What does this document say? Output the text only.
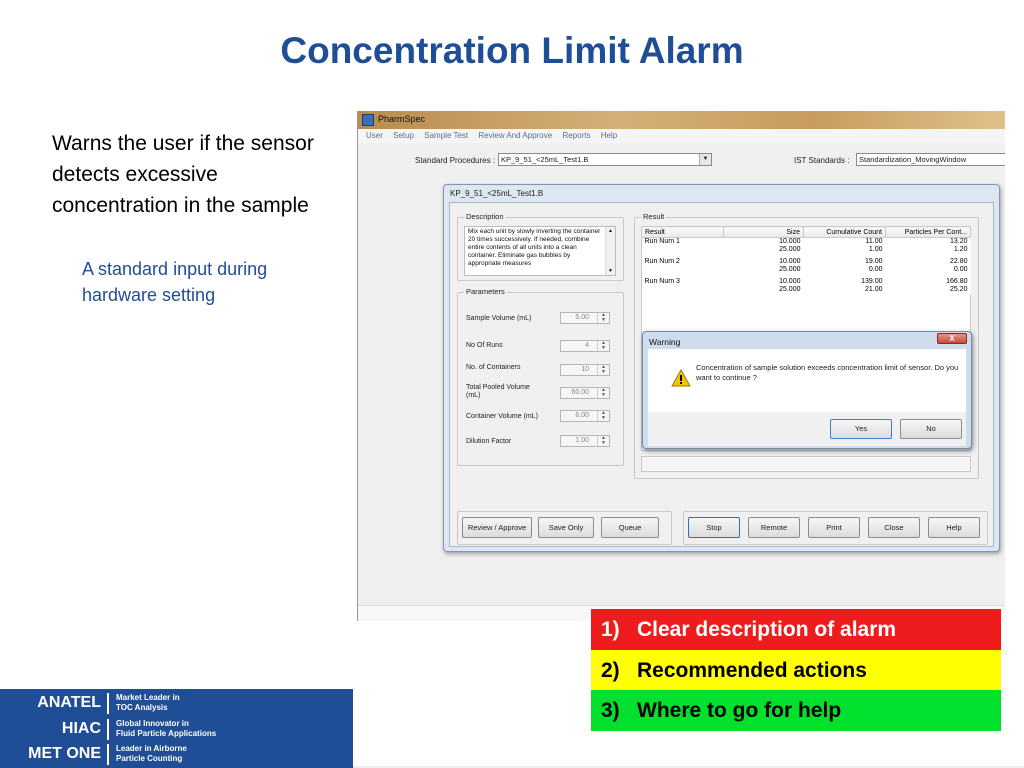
Concentration Limit Alarm
Warns the user if the sensor detects excessive concentration in the sample
A standard input during hardware setting
PharmSpec
User Setup Sample Test Review And Approve Reports Help
Standard Procedures : KP_9_51_<25mL_Test1.B	▼	IST Standards :	Standardization_MovingWindow
KP_9_51_<25mL_Test1.B
Description
Mix each unit by slowly inverting the container 20 times successively. If needed, combine entire contents of all units into a clean container. Eliminate gas bubbles by appropriate measures
▲

▼
Parameters
Sample Volume (mL)	5.00	▲
▼
No Of Runs	4	▲
▼
No. of Containers	10	▲
▼
Total Pooled Volume (mL)	60.00	▲
▼
Container Volume (mL)	6.00	▲
▼
Dilution Factor	1.00	▲
▼
Result
Result	Size	Cumulative Count	Particles Per Cont...
Run Num 1	10.000	11.00	13.20
	25.000	1.00	1.20
Run Num 2	10.000	19.00	22.80
	25.000	0.00	0.00
Run Num 3	10.000	139.00	166.80
	25.000	21.00	25.20
Review / Approve	Save Only	Queue	Stop	Remote	Print	Close	Help
Warning	X
Concentration of sample solution exceeds concentration limit of sensor. Do you want to continue ?
Yes	No
1) Clear description of alarm
2) Recommended actions
3) Where to go for help
ANATEL Market Leader in
TOC Analysis
HIAC Global Innovator in
Fluid Particle Applications
MET ONE Leader in Airborne
Particle Counting
